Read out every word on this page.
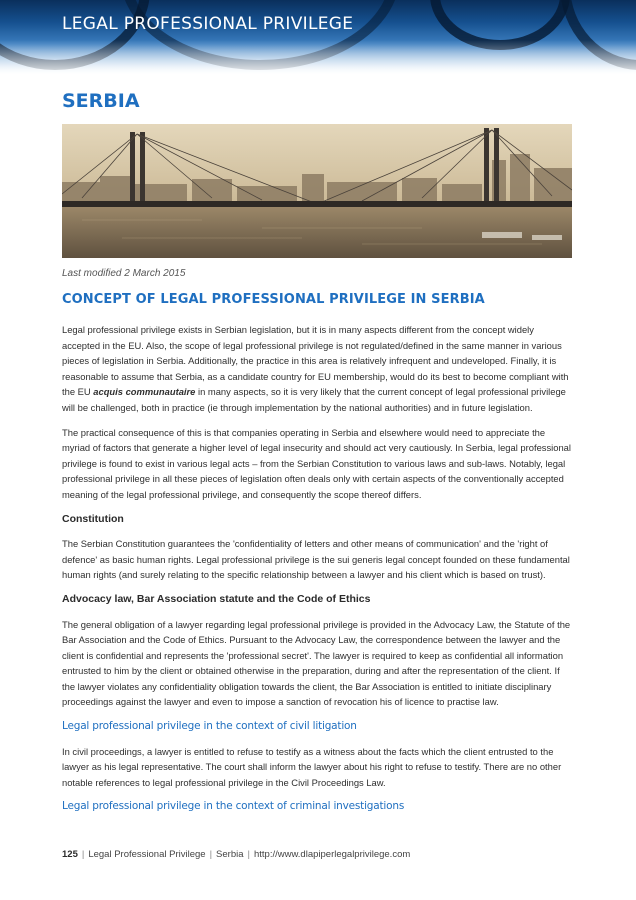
LEGAL PROFESSIONAL PRIVILEGE
SERBIA
Last modified 2 March 2015
CONCEPT OF LEGAL PROFESSIONAL PRIVILEGE IN SERBIA

Legal professional privilege exists in Serbian legislation, but it is in many aspects different from the concept widely accepted in the EU. Also, the scope of legal professional privilege is not regulated/defined in the same manner in various pieces of legislation in Serbia. Additionally, the practice in this area is relatively infrequent and undeveloped. Finally, it is reasonable to assume that Serbia, as a candidate country for EU membership, would do its best to become compliant with the EU acquis communautaire in many aspects, so it is very likely that the current concept of legal professional privilege will be challenged, both in practice (ie through implementation by the national authorities) and in future legislation.

The practical consequence of this is that companies operating in Serbia and elsewhere would need to appreciate the myriad of factors that generate a higher level of legal insecurity and should act very cautiously. In Serbia, legal professional privilege is found to exist in various legal acts – from the Serbian Constitution to various laws and sub-laws. Notably, legal professional privilege in all these pieces of legislation often deals only with certain aspects of the conventionally accepted meaning of the legal professional privilege, and consequently the scope thereof differs.

Constitution

The Serbian Constitution guarantees the 'confidentiality of letters and other means of communication' and the 'right of defence' as basic human rights. Legal professional privilege is the sui generis legal concept founded on these fundamental human rights (and surely relating to the specific relationship between a lawyer and his client which is based on trust).

Advocacy law, Bar Association statute and the Code of Ethics

The general obligation of a lawyer regarding legal professional privilege is provided in the Advocacy Law, the Statute of the Bar Association and the Code of Ethics. Pursuant to the Advocacy Law, the correspondence between the lawyer and the client is confidential and represents the 'professional secret'. The lawyer is required to keep as confidential all information entrusted to him by the client or obtained otherwise in the preparation, during and after the representation of the client. If the lawyer violates any confidentiality obligation towards the client, the Bar Association is entitled to initiate disciplinary proceedings against the lawyer and even to impose a sanction of revocation his of licence to practise law.

Legal professional privilege in the context of civil litigation

In civil proceedings, a lawyer is entitled to refuse to testify as a witness about the facts which the client entrusted to the lawyer as his legal representative. The court shall inform the lawyer about his right to refuse to testify. There are no other notable references to legal professional privilege in the Civil Proceedings Law.

Legal professional privilege in the context of criminal investigations
125 | Legal Professional Privilege | Serbia | http://www.dlapiperlegalprivilege.com
